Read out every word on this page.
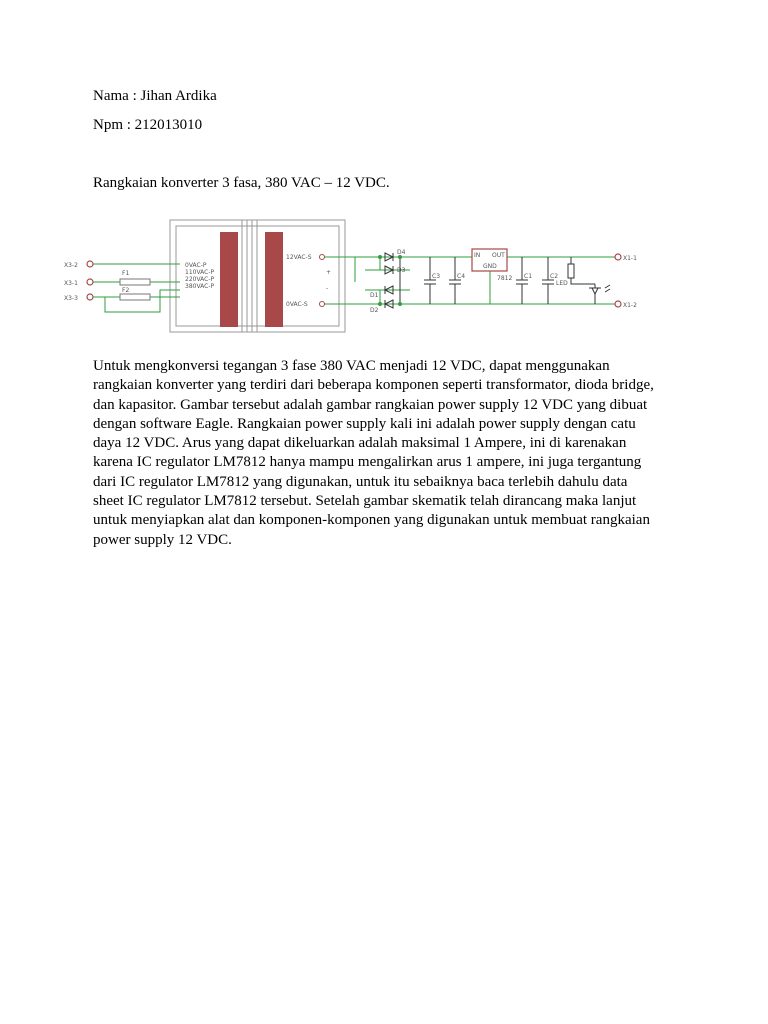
Nama : Jihan Ardika
Npm : 212013010
Rangkaian konverter 3 fasa, 380 VAC – 12 VDC.
0VAC-P
110VAC-P
220VAC-P
380VAC-P
12VAC-S
0VAC-S
+
-
X3-2
X3-1
X3-3
F1
F2
D4
D3
D1
D2
C3	C4	C1	C2
IN OUT
GND
7812
LED
X1-1
X1-2

Untuk mengkonversi tegangan 3 fase 380 VAC menjadi 12 VDC, dapat menggunakan
rangkaian konverter yang terdiri dari beberapa komponen seperti transformator, dioda bridge,
dan kapasitor. Gambar tersebut adalah gambar rangkaian power supply 12 VDC yang dibuat
dengan software Eagle. Rangkaian power supply kali ini adalah power supply dengan catu
daya 12 VDC. Arus yang dapat dikeluarkan adalah maksimal 1 Ampere, ini di karenakan
karena IC regulator LM7812 hanya mampu mengalirkan arus 1 ampere, ini juga tergantung
dari IC regulator LM7812 yang digunakan, untuk itu sebaiknya baca terlebih dahulu data
sheet IC regulator LM7812 tersebut. Setelah gambar skematik telah dirancang maka lanjut
untuk menyiapkan alat dan komponen-komponen yang digunakan untuk membuat rangkaian
power supply 12 VDC.
